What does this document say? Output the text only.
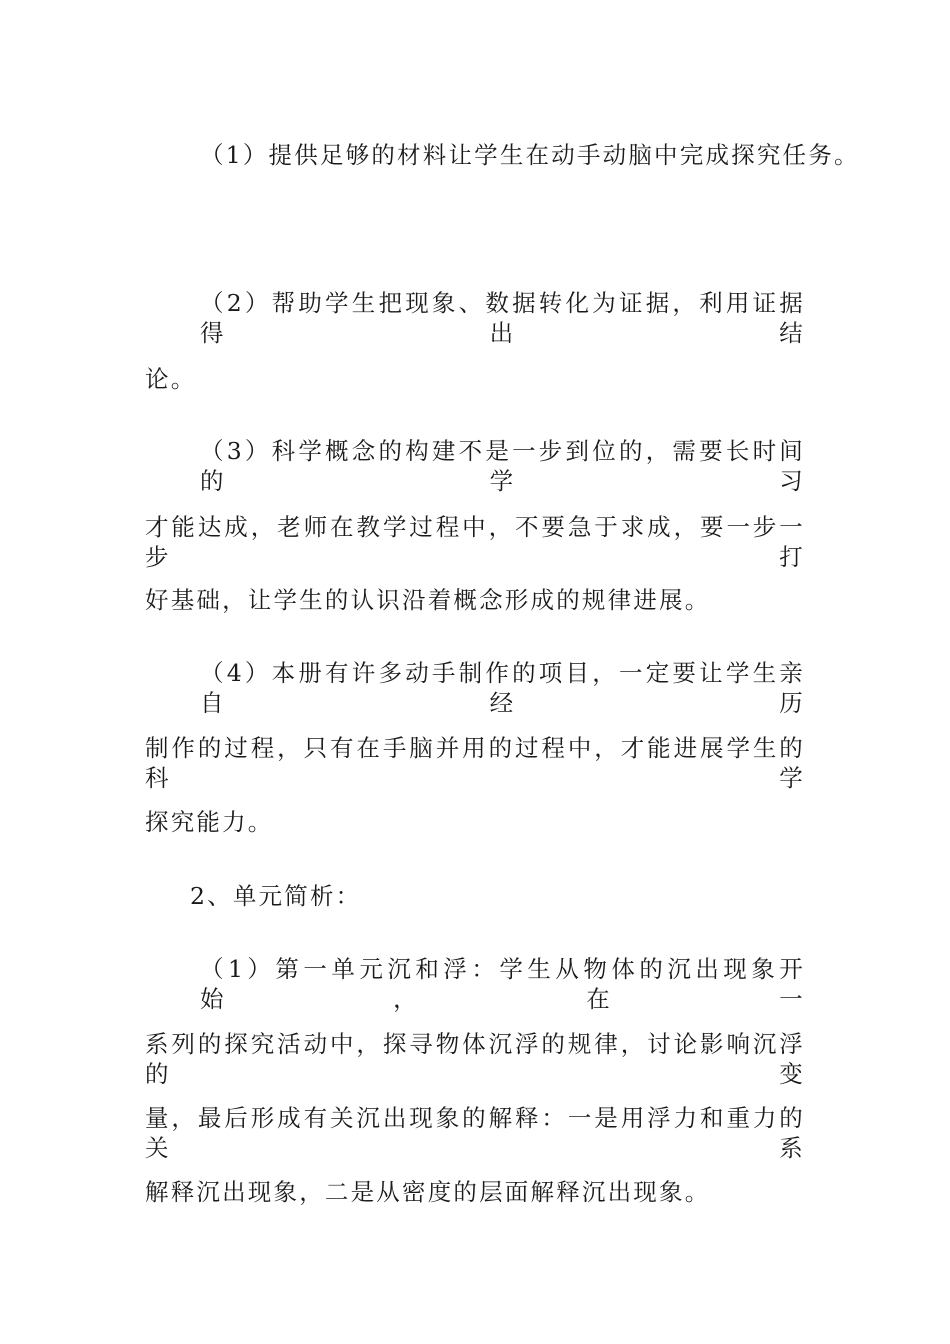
（1）提供足够的材料让学生在动手动脑中完成探究任务。
（2）帮助学生把现象、数据转化为证据，利用证据得出结
论。
（3）科学概念的构建不是一步到位的，需要长时间的学习
才能达成，老师在教学过程中，不要急于求成，要一步一步打
好基础，让学生的认识沿着概念形成的规律进展。
（4）本册有许多动手制作的项目，一定要让学生亲自经历
制作的过程，只有在手脑并用的过程中，才能进展学生的科学
探究能力。
2、单元简析：
（1）第一单元沉和浮：学生从物体的沉出现象开始，在一
系列的探究活动中，探寻物体沉浮的规律，讨论影响沉浮的变
量，最后形成有关沉出现象的解释：一是用浮力和重力的关系
解释沉出现象，二是从密度的层面解释沉出现象。
